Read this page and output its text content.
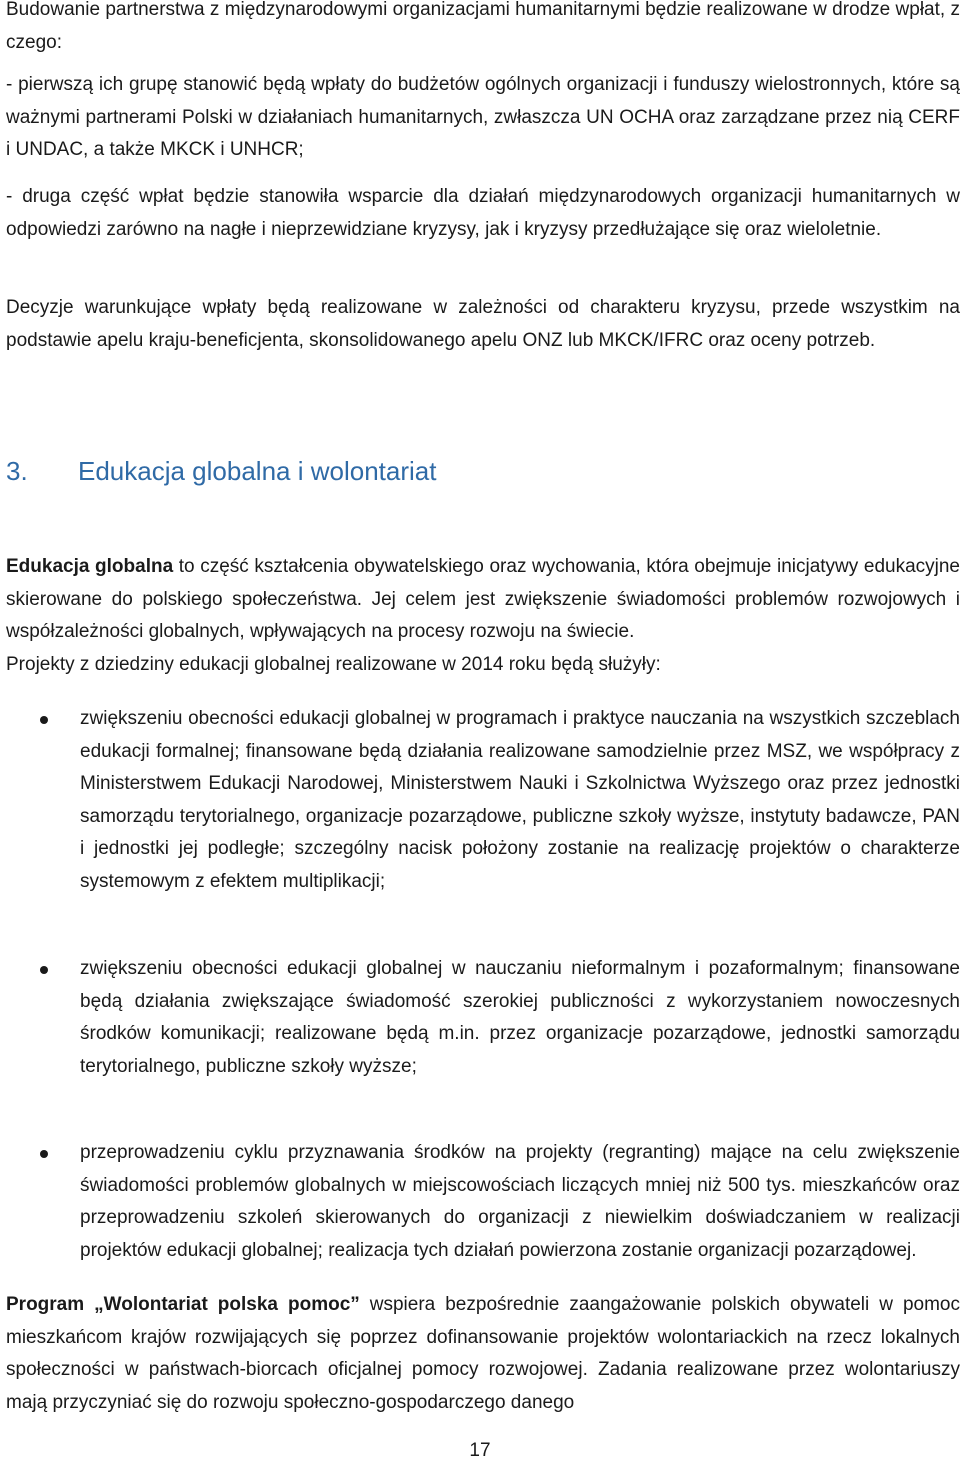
Budowanie partnerstwa z międzynarodowymi organizacjami humanitarnymi będzie realizowane w drodze wpłat, z czego:

- pierwszą ich grupę stanowić będą wpłaty do budżetów ogólnych organizacji i funduszy wielostronnych, które są ważnymi partnerami Polski w działaniach humanitarnych, zwłaszcza UN OCHA oraz zarządzane przez nią CERF i UNDAC, a także MKCK i UNHCR;

- druga część wpłat będzie stanowiła wsparcie dla działań międzynarodowych organizacji humanitarnych w odpowiedzi zarówno na nagłe i nieprzewidziane kryzysy, jak i kryzysy przedłużające się oraz wieloletnie.

Decyzje warunkujące wpłaty będą realizowane w zależności od charakteru kryzysu, przede wszystkim na podstawie apelu kraju-beneficjenta, skonsolidowanego apelu ONZ lub MKCK/IFRC oraz oceny potrzeb.

3. Edukacja globalna i wolontariat

Edukacja globalna to część kształcenia obywatelskiego oraz wychowania, która obejmuje inicjatywy edukacyjne skierowane do polskiego społeczeństwa. Jej celem jest zwiększenie świadomości problemów rozwojowych i współzależności globalnych, wpływających na procesy rozwoju na świecie.

Projekty z dziedziny edukacji globalnej realizowane w 2014 roku będą służyły:

zwiększeniu obecności edukacji globalnej w programach i praktyce nauczania na wszystkich szczeblach edukacji formalnej; finansowane będą działania realizowane samodzielnie przez MSZ, we współpracy z Ministerstwem Edukacji Narodowej, Ministerstwem Nauki i Szkolnictwa Wyższego oraz przez jednostki samorządu terytorialnego, organizacje pozarządowe, publiczne szkoły wyższe, instytuty badawcze, PAN i jednostki jej podległe; szczególny nacisk położony zostanie na realizację projektów o charakterze systemowym z efektem multiplikacji;

zwiększeniu obecności edukacji globalnej w nauczaniu nieformalnym i pozaformalnym; finansowane będą działania zwiększające świadomość szerokiej publiczności z wykorzystaniem nowoczesnych środków komunikacji; realizowane będą m.in. przez organizacje pozarządowe, jednostki samorządu terytorialnego, publiczne szkoły wyższe;

przeprowadzeniu cyklu przyznawania środków na projekty (regranting) mające na celu zwiększenie świadomości problemów globalnych w miejscowościach liczących mniej niż 500 tys. mieszkańców oraz przeprowadzeniu szkoleń skierowanych do organizacji z niewielkim doświadczaniem w realizacji projektów edukacji globalnej; realizacja tych działań powierzona zostanie organizacji pozarządowej.

Program „Wolontariat polska pomoc” wspiera bezpośrednie zaangażowanie polskich obywateli w pomoc mieszkańcom krajów rozwijających się poprzez dofinansowanie projektów wolontariackich na rzecz lokalnych społeczności w państwach-biorcach oficjalnej pomocy rozwojowej. Zadania realizowane przez wolontariuszy mają przyczyniać się do rozwoju społeczno-gospodarczego danego

17
